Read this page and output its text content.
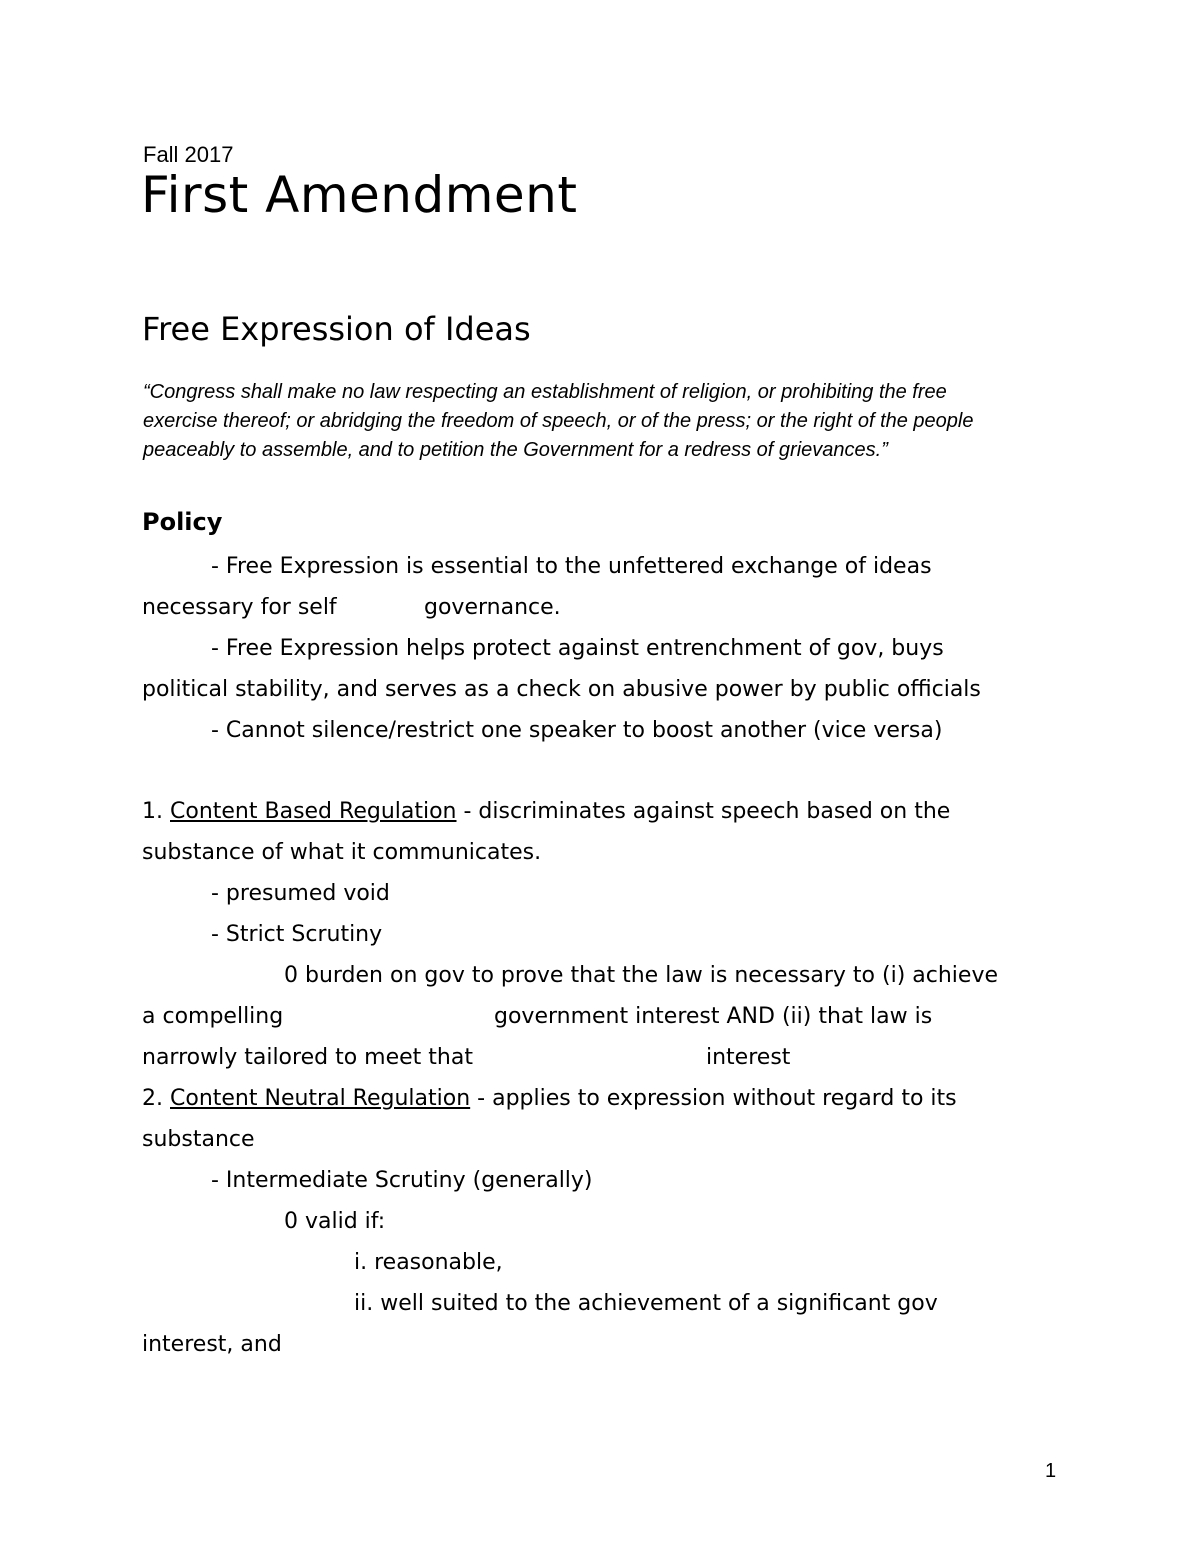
Fall 2017

First Amendment

Free Expression of Ideas

“Congress shall make no law respecting an establishment of religion, or prohibiting the free

exercise thereof; or abridging the freedom of speech, or of the press; or the right of the people

peaceably to assemble, and to petition the Government for a redress of grievances.”

Policy

- Free Expression is essential to the unfettered exchange of ideas

necessary for self	governance.

- Free Expression helps protect against entrenchment of gov, buys

political stability, and serves as a check on abusive power by public officials

- Cannot silence/restrict one speaker to boost another (vice versa)

1. Content Based Regulation - discriminates against speech based on the

substance of what it communicates.

- presumed void

- Strict Scrutiny

0 burden on gov to prove that the law is necessary to (i) achieve

a compelling	government interest AND (ii) that law is

narrowly tailored to meet that	interest

2. Content Neutral Regulation - applies to expression without regard to its

substance

- Intermediate Scrutiny (generally)

0 valid if:

i. reasonable,

ii. well suited to the achievement of a significant gov

interest, and

1
